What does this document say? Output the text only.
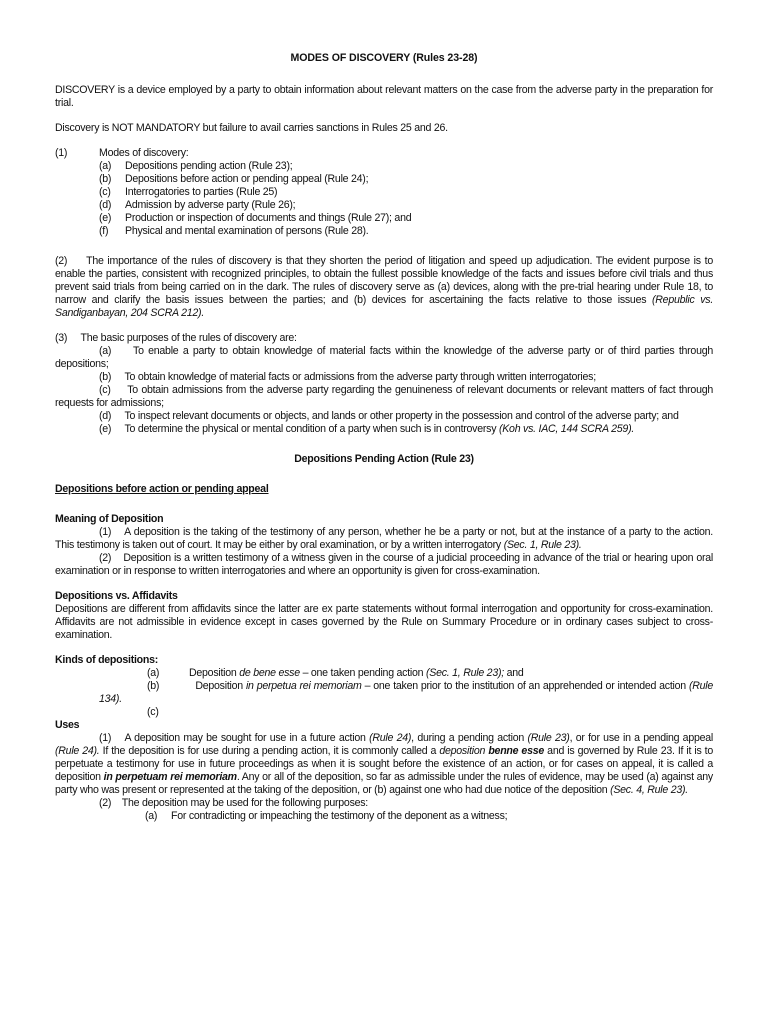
MODES OF DISCOVERY (Rules 23-28)

DISCOVERY is a device employed by a party to obtain information about relevant matters on the case from the adverse party in the preparation for trial.

Discovery is NOT MANDATORY but failure to avail carries sanctions in Rules 25 and 26.

(1)	Modes of discovery:
(a)	Depositions pending action (Rule 23);
(b)	Depositions before action or pending appeal (Rule 24);
(c)	Interrogatories to parties (Rule 25)
(d)	Admission by adverse party (Rule 26);
(e)	Production or inspection of documents and things (Rule 27); and
(f)	Physical and mental examination of persons (Rule 28).

(2) The importance of the rules of discovery is that they shorten the period of litigation and speed up adjudication. The evident purpose is to enable the parties, consistent with recognized principles, to obtain the fullest possible knowledge of the facts and issues before civil trials and thus prevent said trials from being carried on in the dark. The rules of discovery serve as (a) devices, along with the pre-trial hearing under Rule 18, to narrow and clarify the basis issues between the parties; and (b) devices for ascertaining the facts relative to those issues (Republic vs. Sandiganbayan, 204 SCRA 212).

(3) The basic purposes of the rules of discovery are:

(a) To enable a party to obtain knowledge of material facts within the knowledge of the adverse party or of third parties through depositions;

(b) To obtain knowledge of material facts or admissions from the adverse party through written interrogatories;

(c) To obtain admissions from the adverse party regarding the genuineness of relevant documents or relevant matters of fact through requests for admissions;

(d) To inspect relevant documents or objects, and lands or other property in the possession and control of the adverse party; and

(e) To determine the physical or mental condition of a party when such is in controversy (Koh vs. IAC, 144 SCRA 259).

Depositions Pending Action (Rule 23)

Depositions before action or pending appeal

Meaning of Deposition

(1) A deposition is the taking of the testimony of any person, whether he be a party or not, but at the instance of a party to the action. This testimony is taken out of court. It may be either by oral examination, or by a written interrogatory (Sec. 1, Rule 23).

(2) Deposition is a written testimony of a witness given in the course of a judicial proceeding in advance of the trial or hearing upon oral examination or in response to written interrogatories and where an opportunity is given for cross-examination.

Depositions vs. Affidavits

Depositions are different from affidavits since the latter are ex parte statements without formal interrogation and opportunity for cross-examination. Affidavits are not admissible in evidence except in cases governed by the Rule on Summary Procedure or in ordinary cases subject to cross-examination.

Kinds of depositions:

(a)	Deposition de bene esse – one taken pending action (Sec. 1, Rule 23); and

(b)	Deposition in perpetua rei memoriam – one taken prior to the institution of an apprehended or intended action (Rule 134).

(c)

Uses

(1) A deposition may be sought for use in a future action (Rule 24), during a pending action (Rule 23), or for use in a pending appeal (Rule 24). If the deposition is for use during a pending action, it is commonly called a deposition benne esse and is governed by Rule 23. If it is to perpetuate a testimony for use in future proceedings as when it is sought before the existence of an action, or for cases on appeal, it is called a deposition in perpetuam rei memoriam. Any or all of the deposition, so far as admissible under the rules of evidence, may be used (a) against any party who was present or represented at the taking of the deposition, or (b) against one who had due notice of the deposition (Sec. 4, Rule 23).

(2) The deposition may be used for the following purposes:

(a)	For contradicting or impeaching the testimony of the deponent as a witness;
